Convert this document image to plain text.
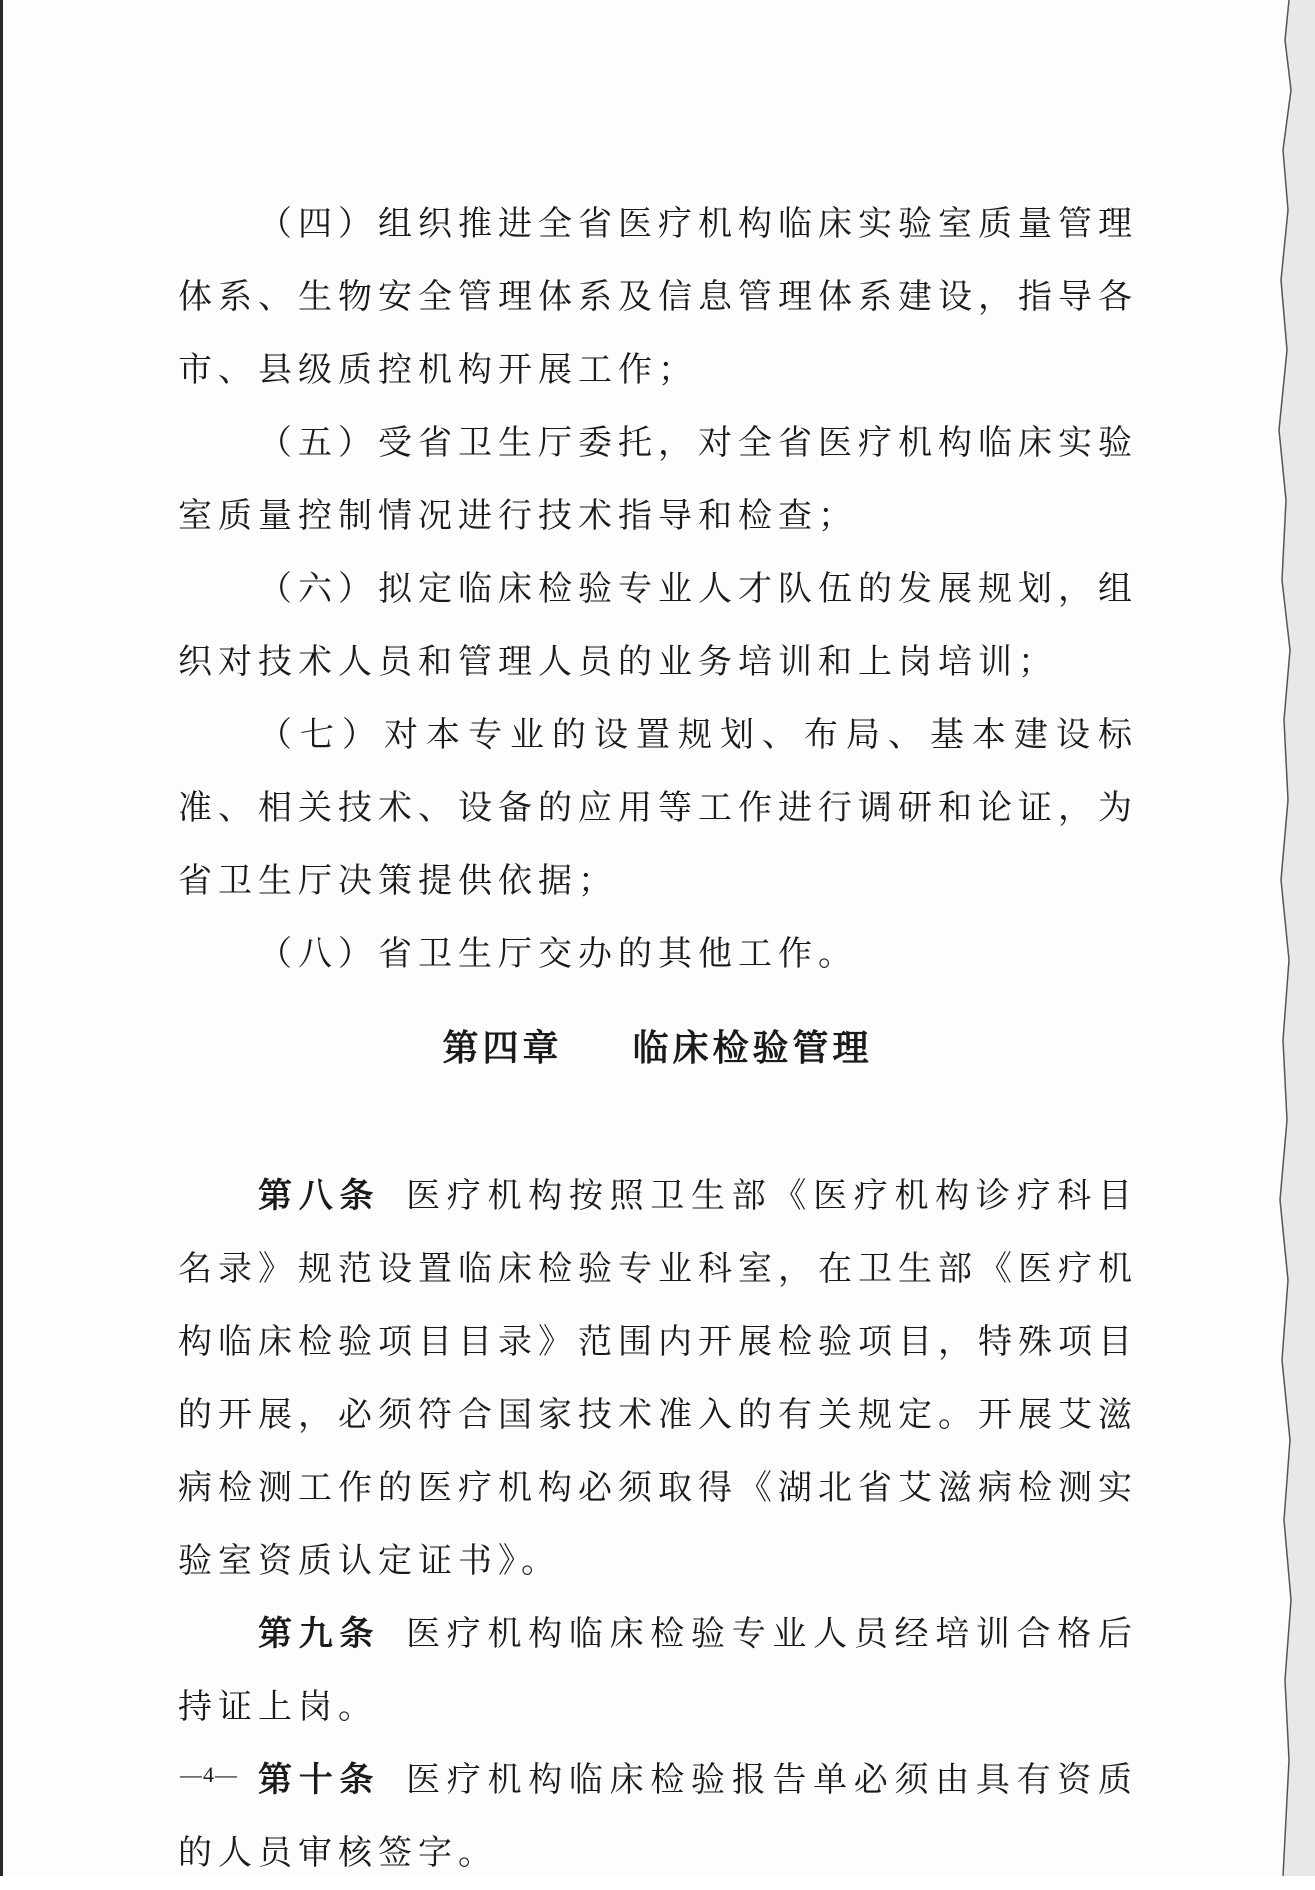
（四）组织推进全省医疗机构临床实验室质量管理体系、生物安全管理体系及信息管理体系建设，指导各市、县级质控机构开展工作；

（五）受省卫生厅委托，对全省医疗机构临床实验室质量控制情况进行技术指导和检查；

（六）拟定临床检验专业人才队伍的发展规划，组织对技术人员和管理人员的业务培训和上岗培训；

（七）对本专业的设置规划、布局、基本建设标准、相关技术、设备的应用等工作进行调研和论证，为省卫生厅决策提供依据；

（八）省卫生厅交办的其他工作。

第四章 临床检验管理

第八条 医疗机构按照卫生部《医疗机构诊疗科目名录》规范设置临床检验专业科室，在卫生部《医疗机构临床检验项目目录》范围内开展检验项目，特殊项目的开展，必须符合国家技术准入的有关规定。开展艾滋病检测工作的医疗机构必须取得《湖北省艾滋病检测实验室资质认定证书》。

第九条 医疗机构临床检验专业人员经培训合格后持证上岗。

第十条 医疗机构临床检验报告单必须由具有资质的人员审核签字。

—4—
